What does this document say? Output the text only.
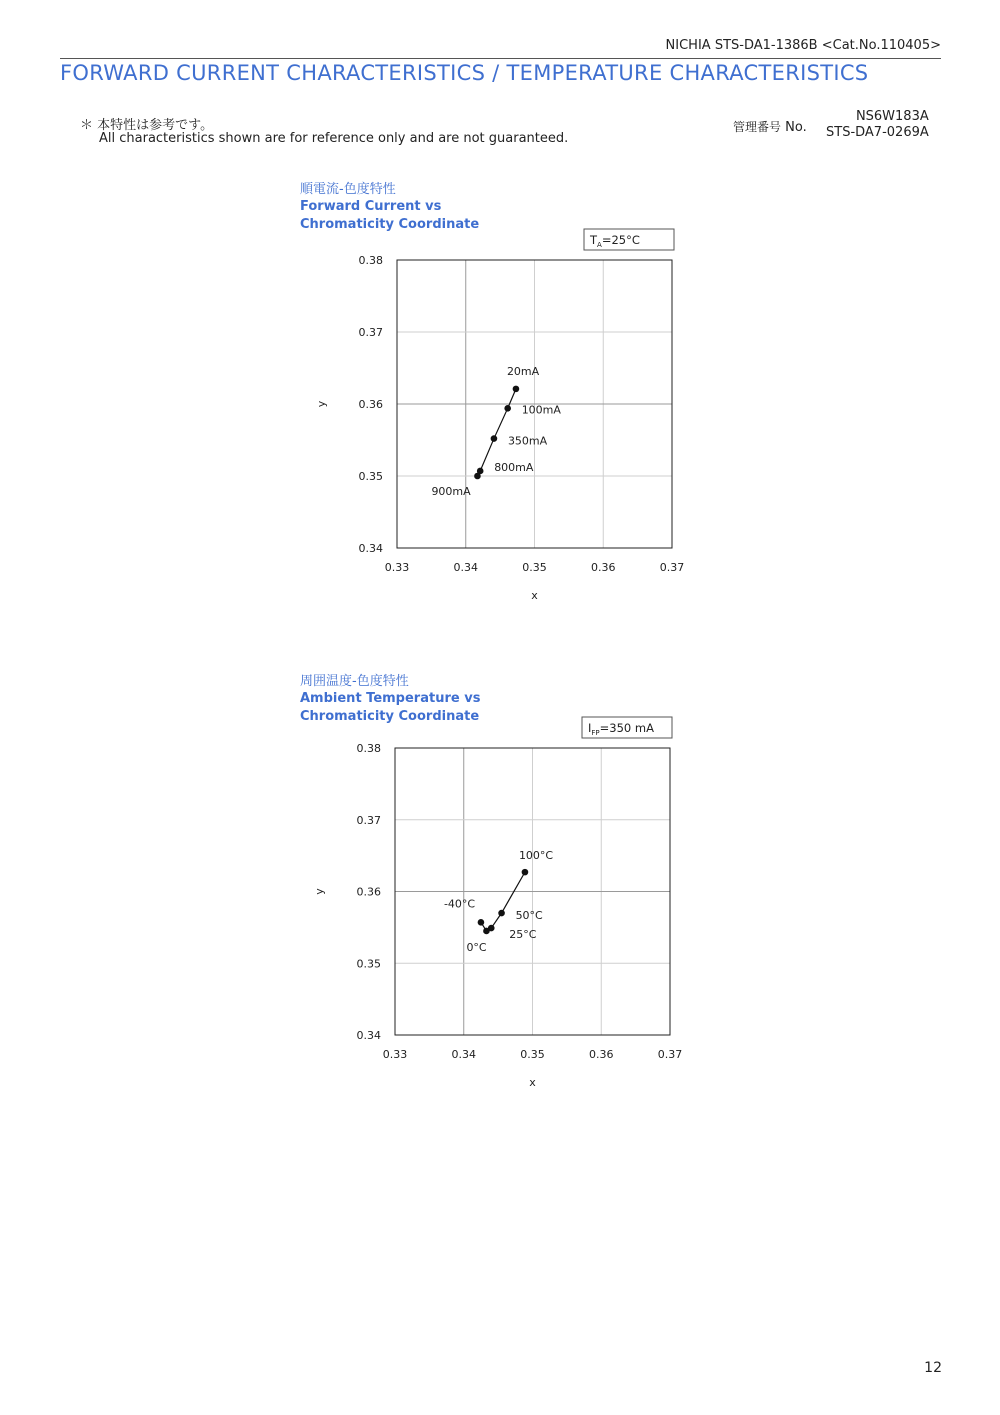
NICHIA STS-DA1-1386B <Cat.No.110405>
FORWARD CURRENT CHARACTERISTICS / TEMPERATURE CHARACTERISTICS
＊ 本特性は参考です。
All characteristics shown are for reference only and are not guaranteed.
管理番号 No.
NS6W183A
STS-DA7-0269A
順電流-色度特性
Forward Current vs
Chromaticity Coordinate
0.33	0.34	0.35	0.36	0.37
0.34
0.35
0.36
0.37
0.38
x
y
$T_A=25^\circ C$
20mA
100mA
350mA
800mA
900mA
周囲温度-色度特性
Ambient Temperature vs
Chromaticity Coordinate
0.33	0.34	0.35	0.36	0.37
0.34
0.35
0.36
0.37
0.38
x
y
$I_{FP}=350$ mA
100°C
50°C
25°C
0°C
-40°C
12
